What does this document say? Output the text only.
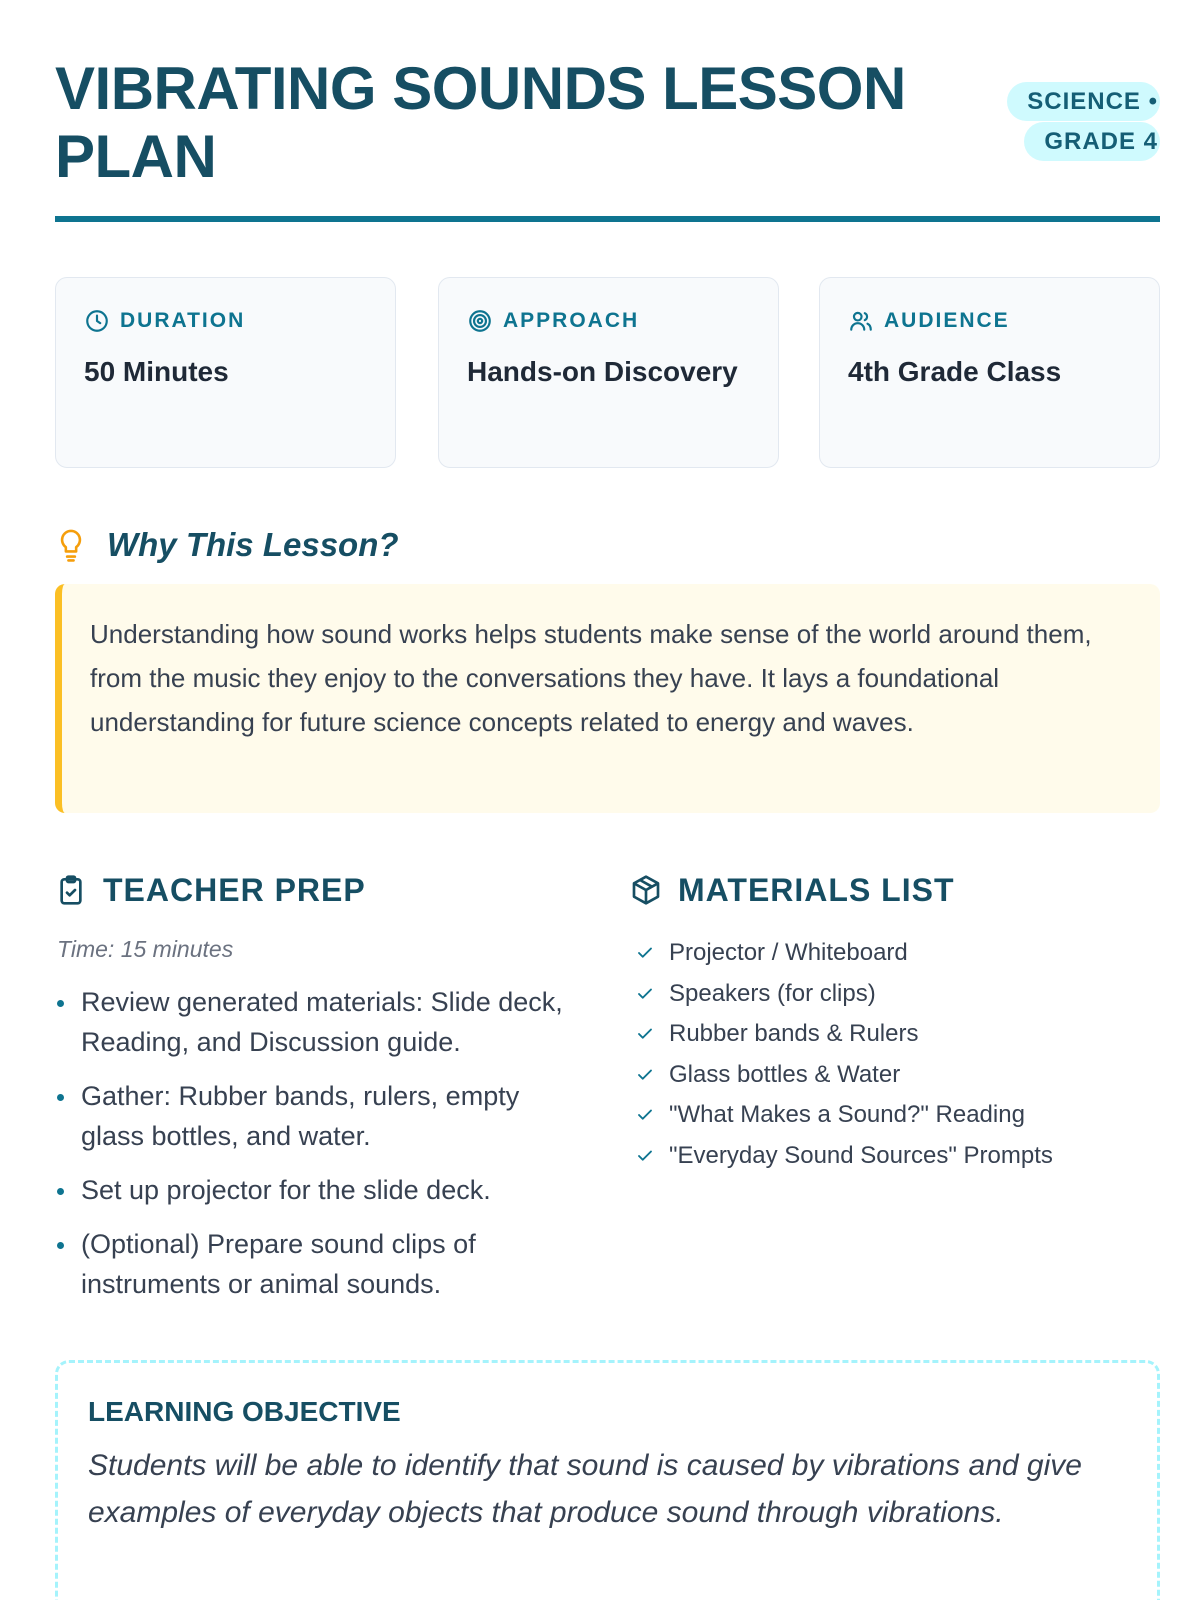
VIBRATING SOUNDS LESSON PLAN
SCIENCE • GRADE 4
DURATION
50 Minutes
APPROACH
Hands-on Discovery
AUDIENCE
4th Grade Class
Why This Lesson?
Understanding how sound works helps students make sense of the world around them, from the music they enjoy to the conversations they have. It lays a foundational understanding for future science concepts related to energy and waves.
TEACHER PREP
Time: 15 minutes
Review generated materials: Slide deck, Reading, and Discussion guide.
Gather: Rubber bands, rulers, empty glass bottles, and water.
Set up projector for the slide deck.
(Optional) Prepare sound clips of instruments or animal sounds.
MATERIALS LIST
Projector / Whiteboard
Speakers (for clips)
Rubber bands & Rulers
Glass bottles & Water
"What Makes a Sound?" Reading
"Everyday Sound Sources" Prompts
LEARNING OBJECTIVE

Students will be able to identify that sound is caused by vibrations and give examples of everyday objects that produce sound through vibrations.
